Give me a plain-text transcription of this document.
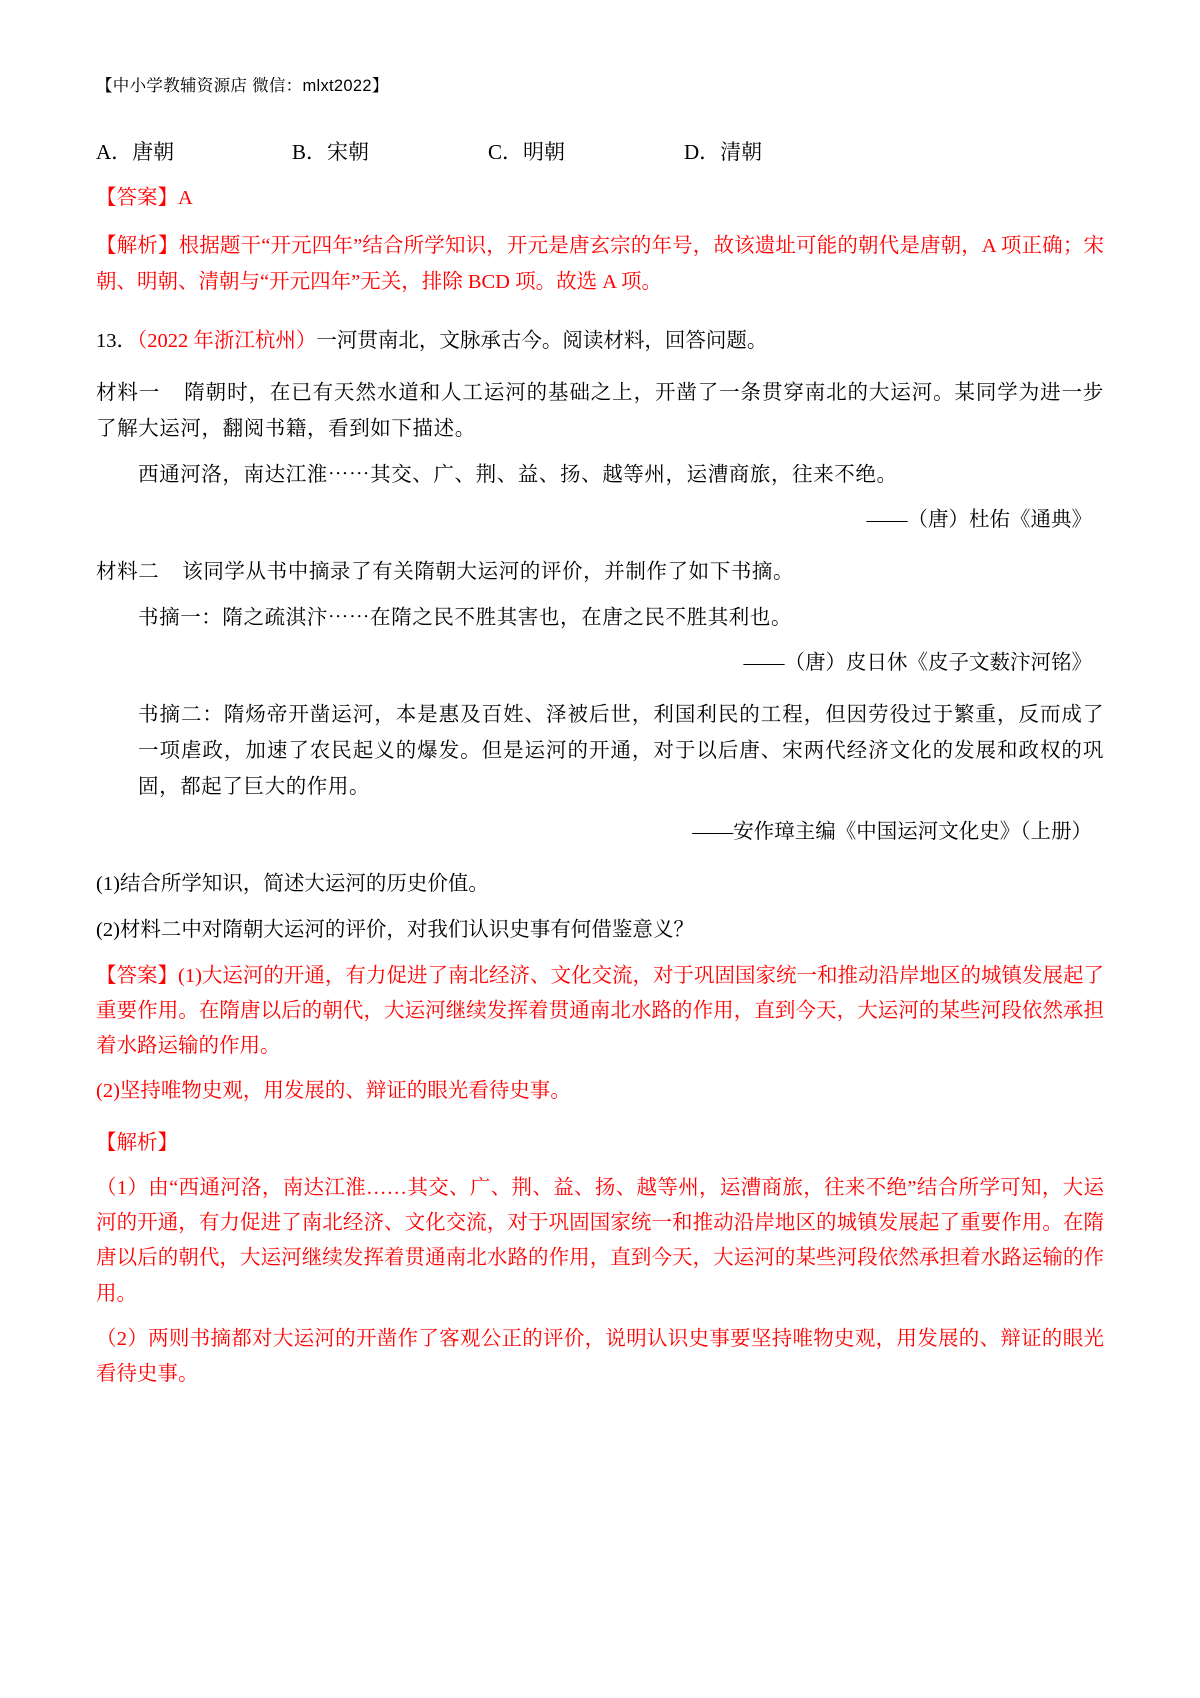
【中小学教辅资源店 微信：mlxt2022】
A．唐朝	B．宋朝	C．明朝	D．清朝
【答案】A
【解析】根据题干“开元四年”结合所学知识，开元是唐玄宗的年号，故该遗址可能的朝代是唐朝，A 项正确；宋朝、明朝、清朝与“开元四年”无关，排除 BCD 项。故选 A 项。
13．（2022 年浙江杭州）一河贯南北，文脉承古今。阅读材料，回答问题。
材料一 隋朝时，在已有天然水道和人工运河的基础之上，开凿了一条贯穿南北的大运河。某同学为进一步了解大运河，翻阅书籍，看到如下描述。
西通河洛，南达江淮⋯⋯其交、广、荆、益、扬、越等州，运漕商旅，往来不绝。
——（唐）杜佑《通典》
材料二 该同学从书中摘录了有关隋朝大运河的评价，并制作了如下书摘。
书摘一：隋之疏淇汴⋯⋯在隋之民不胜其害也，在唐之民不胜其利也。
——（唐）皮日休《皮子文薮汴河铭》
书摘二：隋炀帝开凿运河，本是惠及百姓、泽被后世，利国利民的工程，但因劳役过于繁重，反而成了一项虐政，加速了农民起义的爆发。但是运河的开通，对于以后唐、宋两代经济文化的发展和政权的巩固，都起了巨大的作用。
——安作璋主编《中国运河文化史》（上册）
(1)结合所学知识，简述大运河的历史价值。
(2)材料二中对隋朝大运河的评价，对我们认识史事有何借鉴意义？
【答案】(1)大运河的开通，有力促进了南北经济、文化交流，对于巩固国家统一和推动沿岸地区的城镇发展起了重要作用。在隋唐以后的朝代，大运河继续发挥着贯通南北水路的作用，直到今天，大运河的某些河段依然承担着水路运输的作用。
(2)坚持唯物史观，用发展的、辩证的眼光看待史事。
【解析】
（1）由“西通河洛，南达江淮……其交、广、荆、益、扬、越等州，运漕商旅，往来不绝”结合所学可知，大运河的开通，有力促进了南北经济、文化交流，对于巩固国家统一和推动沿岸地区的城镇发展起了重要作用。在隋唐以后的朝代，大运河继续发挥着贯通南北水路的作用，直到今天，大运河的某些河段依然承担着水路运输的作用。
（2）两则书摘都对大运河的开凿作了客观公正的评价，说明认识史事要坚持唯物史观，用发展的、辩证的眼光看待史事。
